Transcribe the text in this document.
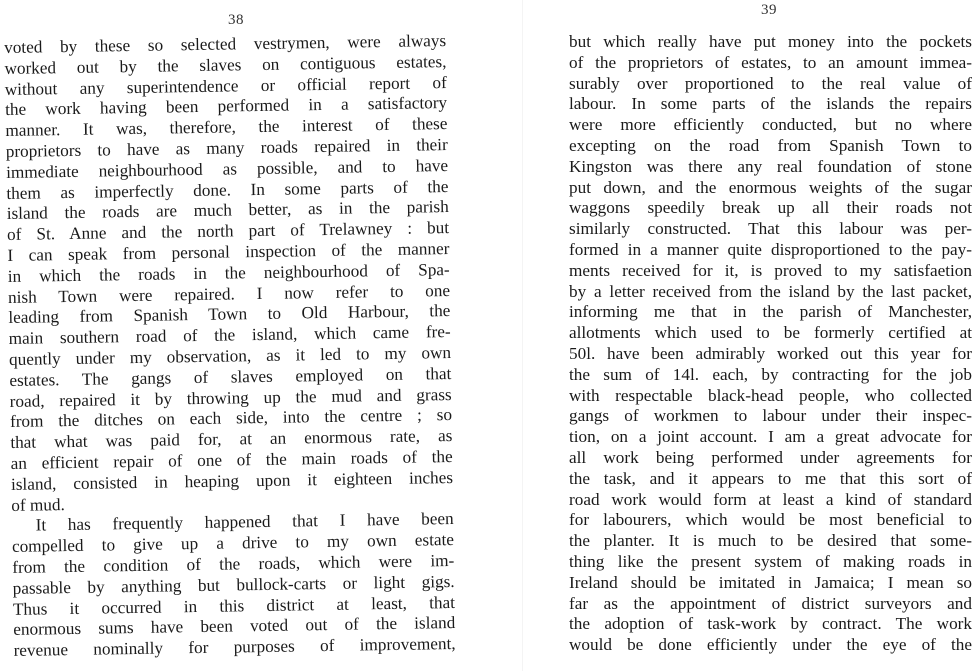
38
voted by these so selected vestrymen, were always
worked out by the slaves on contiguous estates,
without any superintendence or official report of
the work having been performed in a satisfactory
manner. It was, therefore, the interest of these
proprietors to have as many roads repaired in their
immediate neighbourhood as possible, and to have
them as imperfectly done. In some parts of the
island the roads are much better, as in the parish
of St. Anne and the north part of Trelawney : but
I can speak from personal inspection of the manner
in which the roads in the neighbourhood of Spa-
nish Town were repaired. I now refer to one
leading from Spanish Town to Old Harbour, the
main southern road of the island, which came fre-
quently under my observation, as it led to my own
estates. The gangs of slaves employed on that
road, repaired it by throwing up the mud and grass
from the ditches on each side, into the centre ; so
that what was paid for, at an enormous rate, as
an efficient repair of one of the main roads of the
island, consisted in heaping upon it eighteen inches
of mud.
It has frequently happened that I have been
compelled to give up a drive to my own estate
from the condition of the roads, which were im-
passable by anything but bullock-carts or light gigs.
Thus it occurred in this district at least, that
enormous sums have been voted out of the island
revenue nominally for purposes of improvement,
39
but which really have put money into the pockets
of the proprietors of estates, to an amount immea-
surably over proportioned to the real value of
labour. In some parts of the islands the repairs
were more efficiently conducted, but no where
excepting on the road from Spanish Town to
Kingston was there any real foundation of stone
put down, and the enormous weights of the sugar
waggons speedily break up all their roads not
similarly constructed. That this labour was per-
formed in a manner quite disproportioned to the pay-
ments received for it, is proved to my satisfaetion
by a letter received from the island by the last packet,
informing me that in the parish of Manchester,
allotments which used to be formerly certified at
50l. have been admirably worked out this year for
the sum of 14l. each, by contracting for the job
with respectable black-head people, who collected
gangs of workmen to labour under their inspec-
tion, on a joint account. I am a great advocate for
all work being performed under agreements for
the task, and it appears to me that this sort of
road work would form at least a kind of standard
for labourers, which would be most beneficial to
the planter. It is much to be desired that some-
thing like the present system of making roads in
Ireland should be imitated in Jamaica; I mean so
far as the appointment of district surveyors and
the adoption of task-work by contract. The work
would be done efficiently under the eye of the
